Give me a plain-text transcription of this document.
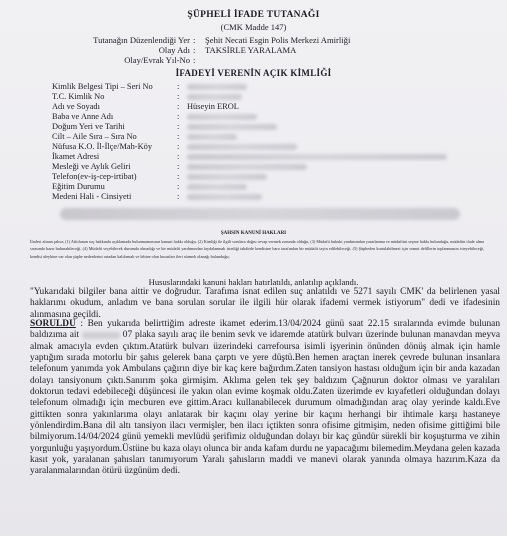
ŞÜPHELİ İFADE TUTANAĞI
(CMK Madde 147)
Tutanağın Düzenlendiği Yer : Şehit Necati Esgin Polis Merkezi Amirliği
Olay Adı : TAKSİRLE YARALAMA
Olay/Evrak Yıl-No :
İFADEYİ VERENİN AÇIK KİMLİĞİ
Kimlik Belgesi Tipi – Seri No	:
T.C. Kimlik No	:
Adı ve Soyadı	: Hüseyin EROL
Baba ve Anne Adı	:
Doğum Yeri ve Tarihi	:
Cilt – Aile Sıra – Sıra No	:
Nüfusa K.O. İl-İlçe/Mah-Köy	:
İkamet Adresi	:
Mesleği ve Aylık Geliri	:
Telefon(ev-iş-cep-irtibat)	:
Eğitim Durumu	:
Medeni Hali - Cinsiyeti	:
ŞAHSIN KANUNİ HAKLARI
İfadesi alınan şahsa; (1) Atfolunan suç hakkında açıklamada bulunmamasının kanuni hakkı olduğu, (2) Kimliği ile ilgili sorulara doğru cevap vermek zorunda olduğu, (3) Müdafii hukuki yardımından yararlanma ve müdafiini seçme hakkı bulunduğu, müdafiin ifade alma sırasında hazır bulunabileceği, (4) Müdafii seçebilecek durumda olmadığı ve bir müdafii yardımından faydalanmak istediği takdirde kendisine baro tarafından bir müdafii tayin edilebileceği, (5) Şüpheden kurtulabilmesi için somut delillerin toplanmasını isteyebileceği, kendisi aleyhine var olan şüphe nedenlerini ortadan kaldırmak ve lehine olan hususları ileri sürmek olanağı bulunduğu;
Hususlarındaki kanuni hakları hatırlatıldı, anlatılıp açıklandı.
"Yukarıdaki bilgiler bana aittir ve doğrudur. Tarafıma isnat edilen suç anlatıldı ve 5271 sayılı CMK' da belirlenen yasal haklarımı okudum, anladım ve bana sorulan sorular ile ilgili hür olarak ifademi vermek istiyorum" dedi ve ifadesinin alınmasına geçildi.
SORULDU : Ben yukarıda belirttiğim adreste ikamet ederim.13/04/2024 günü saat 22.15 sıralarında evimde bulunan baldızıma ait	07 plaka sayılı araç ile benim sevk ve idaremde atatürk bulvarı üzerinde bulunan manavdan meyva almak amacıyla evden çıktım.Atatürk bulvarı üzerindeki carrefoursa isimli işyerinin önünden dönüş almak için hamle yaptığım sırada motorlu bir şahıs gelerek bana çarptı ve yere düştü.Ben hemen araçtan inerek çevrede bulunan insanlara telefonum yanımda yok Ambulans çağırın diye bir kaç kere bağırdım.Zaten tansiyon hastası olduğum için bir anda kazadan dolayı tansiyonum çıktı.Sanırım şoka girmişim. Aklıma gelen tek şey baldızım Çağnurun doktor olması ve yaralıları doktorun tedavi edebileceği düşüncesi ile yakın olan evime koşmak oldu.Zaten üzerimde ev kıyafetleri olduğundan dolayı telefonum olmadığı için mecburen eve gittim.Aracı kullanabilecek durumum olmadığından araç olay yerinde kaldı.Eve gittikten sonra yakınlarıma olayı anlatarak bir kaçını olay yerine bir kaçını herhangi bir ihtimale karşı hastaneye yönlendirdim.Bana dil altı tansiyon ilacı vermişler, ben ilacı içtikten sonra ofisime gitmişim, neden ofisime gittiğimi bile bilmiyorum.14/04/2024 günü yemekli mevlüdü şerifimiz olduğundan dolayı bir kaç gündür sürekli bir koşuşturma ve zihin yorgunluğu yaşıyordum.Üstüne bu kaza olayı olunca bir anda kafam durdu ne yapacağımı bilemedim.Meydana gelen kazada kasıt yok, yaralanan şahısları tanımıyorum Yaralı şahısların maddi ve manevi olarak yanında olmaya hazırım.Kaza da yaralanmalarından ötürü üzgünüm dedi.
